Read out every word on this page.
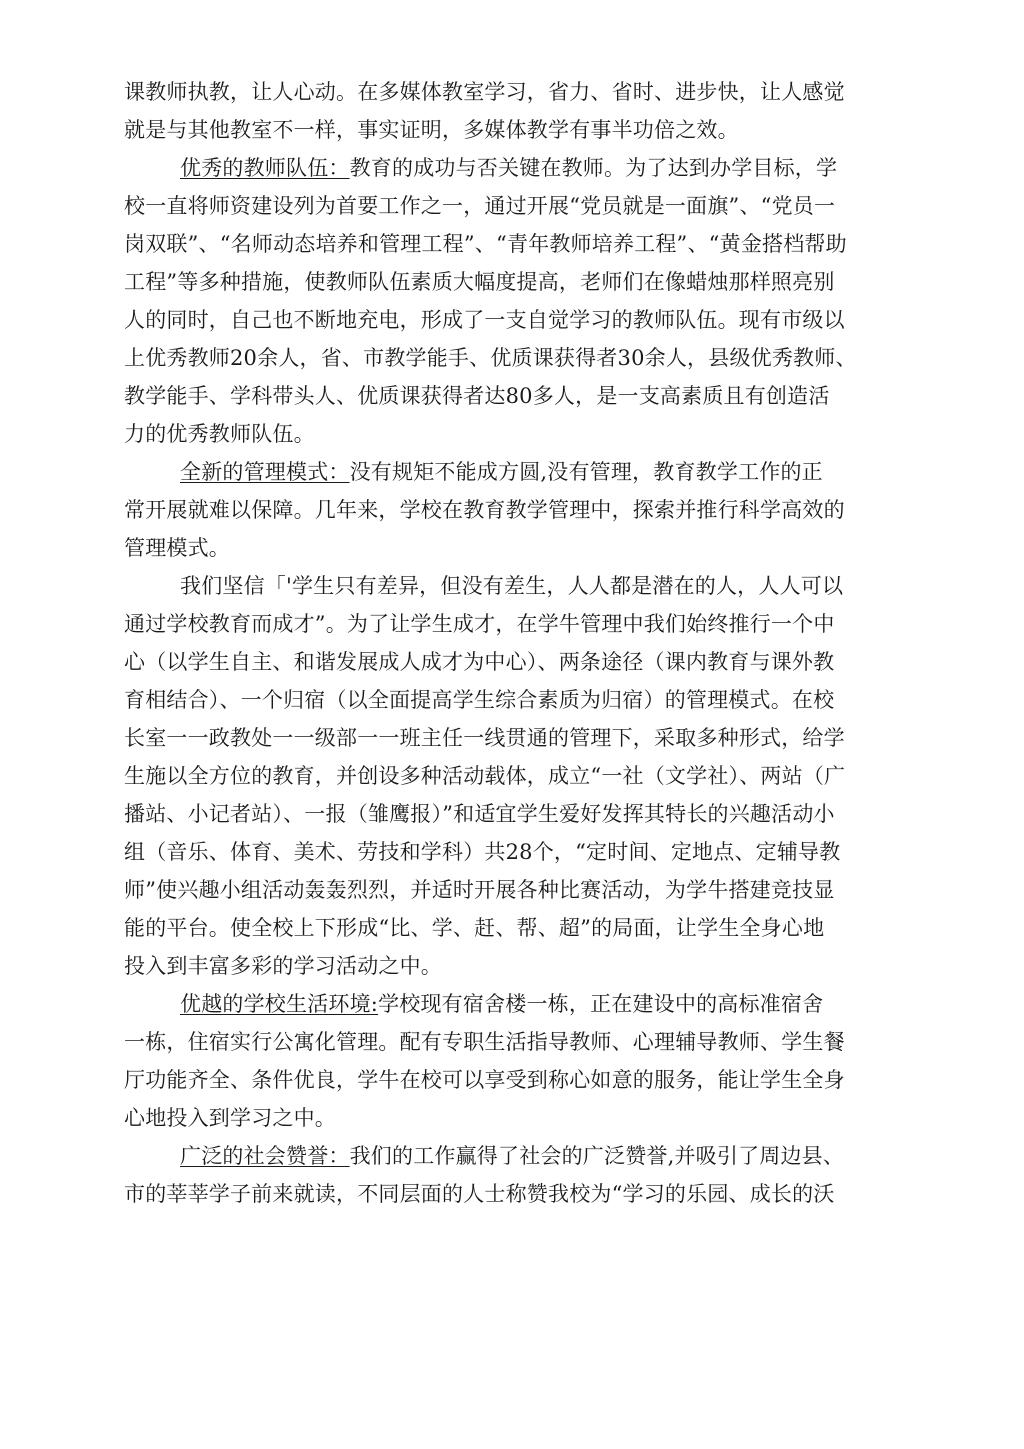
课教师执教，让人心动。在多媒体教室学习，省力、省时、进步快，让人感觉
就是与其他教室不一样，事实证明，多媒体教学有事半功倍之效。
优秀的教师队伍：教育的成功与否关键在教师。为了达到办学目标，学
校一直将师资建设列为首要工作之一，通过开展“党员就是一面旗”、“党员一
岗双联”、“名师动态培养和管理工程”、“青年教师培养工程”、“黄金搭档帮助
工程”等多种措施，使教师队伍素质大幅度提高，老师们在像蜡烛那样照亮别
人的同时，自己也不断地充电，形成了一支自觉学习的教师队伍。现有市级以
上优秀教师20余人，省、市教学能手、优质课获得者30余人，县级优秀教师、
教学能手、学科带头人、优质课获得者达80多人，是一支高素质且有创造活
力的优秀教师队伍。
全新的管理模式：没有规矩不能成方圆,没有管理，教育教学工作的正
常开展就难以保障。几年来，学校在教育教学管理中，探索并推行科学高效的
管理模式。
我们坚信「'学生只有差异，但没有差生，人人都是潜在的人，人人可以
通过学校教育而成才”。为了让学生成才，在学牛管理中我们始终推行一个中
心（以学生自主、和谐发展成人成才为中心）、两条途径（课内教育与课外教
育相结合）、一个归宿（以全面提高学生综合素质为归宿）的管理模式。在校
长室一一政教处一一级部一一班主任一线贯通的管理下，采取多种形式，给学
生施以全方位的教育，并创设多种活动载体，成立“一社（文学社）、两站（广
播站、小记者站）、一报（雏鹰报）”和适宜学生爱好发挥其特长的兴趣活动小
组（音乐、体育、美术、劳技和学科）共28个，“定时间、定地点、定辅导教
师”使兴趣小组活动轰轰烈烈，并适时开展各种比赛活动，为学牛搭建竞技显
能的平台。使全校上下形成“比、学、赶、帮、超”的局面，让学生全身心地
投入到丰富多彩的学习活动之中。
优越的学校生活环境:学校现有宿舍楼一栋，正在建设中的高标准宿舍
一栋，住宿实行公寓化管理。配有专职生活指导教师、心理辅导教师、学生餐
厅功能齐全、条件优良，学牛在校可以享受到称心如意的服务，能让学生全身
心地投入到学习之中。
广泛的社会赞誉：我们的工作赢得了社会的广泛赞誉,并吸引了周边县、
市的莘莘学子前来就读，不同层面的人士称赞我校为“学习的乐园、成长的沃
